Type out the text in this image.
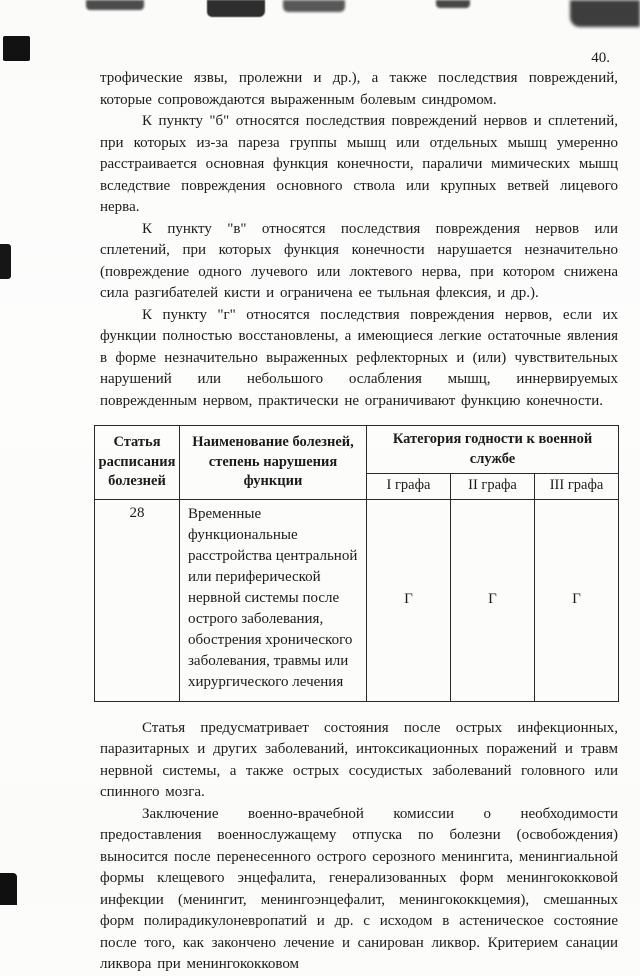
40.

трофические язвы, пролежни и др.), а также последствия повреждений, которые сопровождаются выраженным болевым синдромом.

К пункту "б" относятся последствия повреждений нервов и сплетений, при которых из-за пареза группы мышц или отдельных мышц умеренно расстраивается основная функция конечности, параличи мимических мышц вследствие повреждения основного ствола или крупных ветвей лицевого нерва.

К пункту "в" относятся последствия повреждения нервов или сплетений, при которых функция конечности нарушается незначительно (повреждение одного лучевого или локтевого нерва, при котором снижена сила разгибателей кисти и ограничена ее тыльная флексия, и др.).

К пункту "г" относятся последствия повреждения нервов, если их функции полностью восстановлены, а имеющиеся легкие остаточные явления в форме незначительно выраженных рефлекторных и (или) чувствительных нарушений или небольшого ослабления мышц, иннервируемых поврежденным нервом, практически не ограничивают функцию конечности.

Статья расписания болезней	Наименование болезней, степень нарушения функции	Категория годности к военной службе		
		I графа	II графа	III графа
28	Временные функциональные расстройства центральной или периферической нервной системы после острого заболевания, обострения хронического заболевания, травмы или хирургического лечения	Г	Г	Г

Статья предусматривает состояния после острых инфекционных, паразитарных и других заболеваний, интоксикационных поражений и травм нервной системы, а также острых сосудистых заболеваний головного или спинного мозга.

Заключение военно-врачебной комиссии о необходимости предоставления военнослужащему отпуска по болезни (освобождения) выносится после перенесенного острого серозного менингита, менингиальной формы клещевого энцефалита, генерализованных форм менингококковой инфекции (менингит, менингоэнцефалит, менингококкцемия), смешанных форм полирадикулоневропатий и др. с исходом в астеническое состояние после того, как закончено лечение и санирован ликвор. Критерием санации ликвора при менингококковом
